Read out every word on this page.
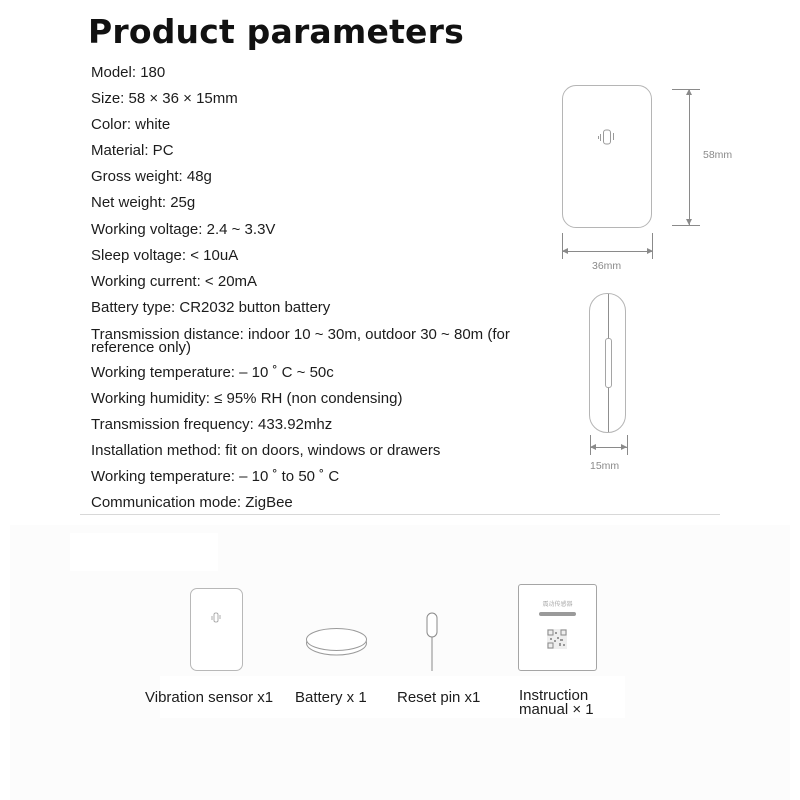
Product parameters
Model: 180
Size: 58 × 36 × 15mm
Color: white
Material: PC
Gross weight: 48g
Net weight: 25g
Working voltage: 2.4 ~ 3.3V
Sleep voltage: < 10uA
Working current: < 20mA
Battery type: CR2032 button battery
Transmission distance: indoor 10 ~ 30m, outdoor 30 ~ 80m (for reference only)
Working temperature: – 10 ˚ C ~ 50c
Working humidity: ≤ 95% RH (non condensing)
Transmission frequency: 433.92mhz
Installation method: fit on doors, windows or drawers
Working temperature: – 10 ˚ to 50 ˚ C
Communication mode: ZigBee
58mm
36mm
15mm
震动传感器
Vibration sensor x1 Battery x 1 Reset pin x1	Instruction manual × 1
